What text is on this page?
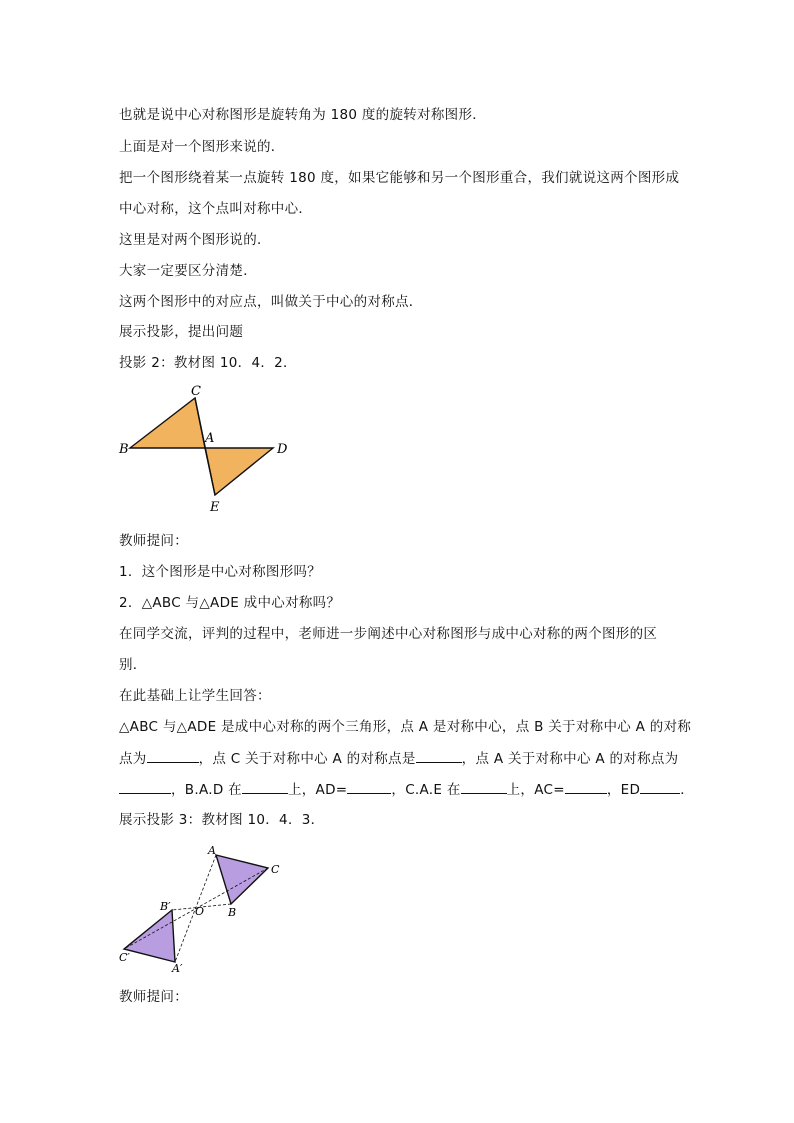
也就是说中心对称图形是旋转角为 180 度的旋转对称图形．
上面是对一个图形来说的．
把一个图形绕着某一点旋转 180 度，如果它能够和另一个图形重合，我们就说这两个图形成
中心对称，这个点叫对称中心．
这里是对两个图形说的．
大家一定要区分清楚．
这两个图形中的对应点，叫做关于中心的对称点．
展示投影，提出问题
投影 2：教材图 10．4．2．
C
B
A
D
E
教师提问：
1．这个图形是中心对称图形吗？
2．△ABC 与△ADE 成中心对称吗？
在同学交流，评判的过程中，老师进一步阐述中心对称图形与成中心对称的两个图形的区
别．
在此基础上让学生回答：
△ABC 与△ADE 是成中心对称的两个三角形，点 A 是对称中心，点 B 关于对称中心 A 的对称
点为	，点 C 关于对称中心 A 的对称点是	，点 A 关于对称中心 A 的对称点为
，B.A.D 在	上，AD=	，C.A.E 在	上，AC=	，ED	．
展示投影 3：教材图 10．4．3．
A
C
B
O
B′
C′
A′
教师提问：
